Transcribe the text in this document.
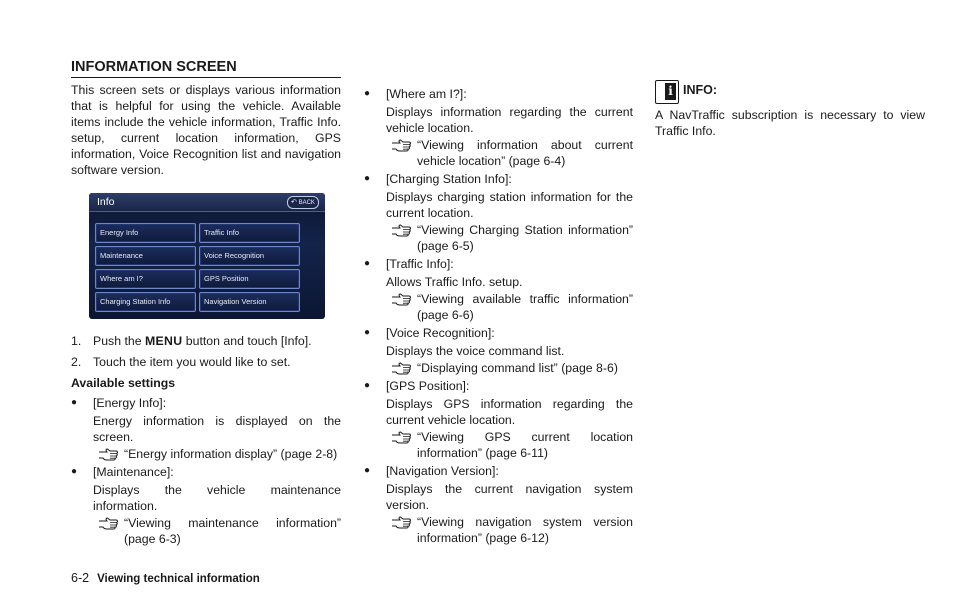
INFORMATION SCREEN

This screen sets or displays various information that is helpful for using the vehicle. Available items include the vehicle information, Traffic Info. setup, current location information, GPS information, Voice Recognition list and navigation software version.

Info	↶ BACK
Energy Info	Traffic Info
Maintenance	Voice Recognition
Where am I?	GPS Position
Charging Station Info	Navigation Version
1. Push the MENU button and touch [Info].
2. Touch the item you would like to set.

Available settings

●	[Energy Info]:

Energy information is displayed on the screen.

“Energy information display” (page 2-8)
●	[Maintenance]:

Displays the vehicle maintenance information.

“Viewing maintenance information” (page 6-3)
●	[Where am I?]:

Displays information regarding the current vehicle location.

“Viewing information about current vehicle location” (page 6-4)
●	[Charging Station Info]:

Displays charging station information for the current location.

“Viewing Charging Station information” (page 6-5)
●	[Traffic Info]:

Allows Traffic Info. setup.

“Viewing available traffic information” (page 6-6)
●	[Voice Recognition]:

Displays the voice command list.

“Displaying command list” (page 8-6)
●	[GPS Position]:

Displays GPS information regarding the current vehicle location.

“Viewing GPS current location information” (page 6-11)
●	[Navigation Version]:

Displays the current navigation system version.

“Viewing navigation system version information” (page 6-12)
i INFO:

A NavTraffic subscription is necessary to view Traffic Info.

6-2 Viewing technical information
